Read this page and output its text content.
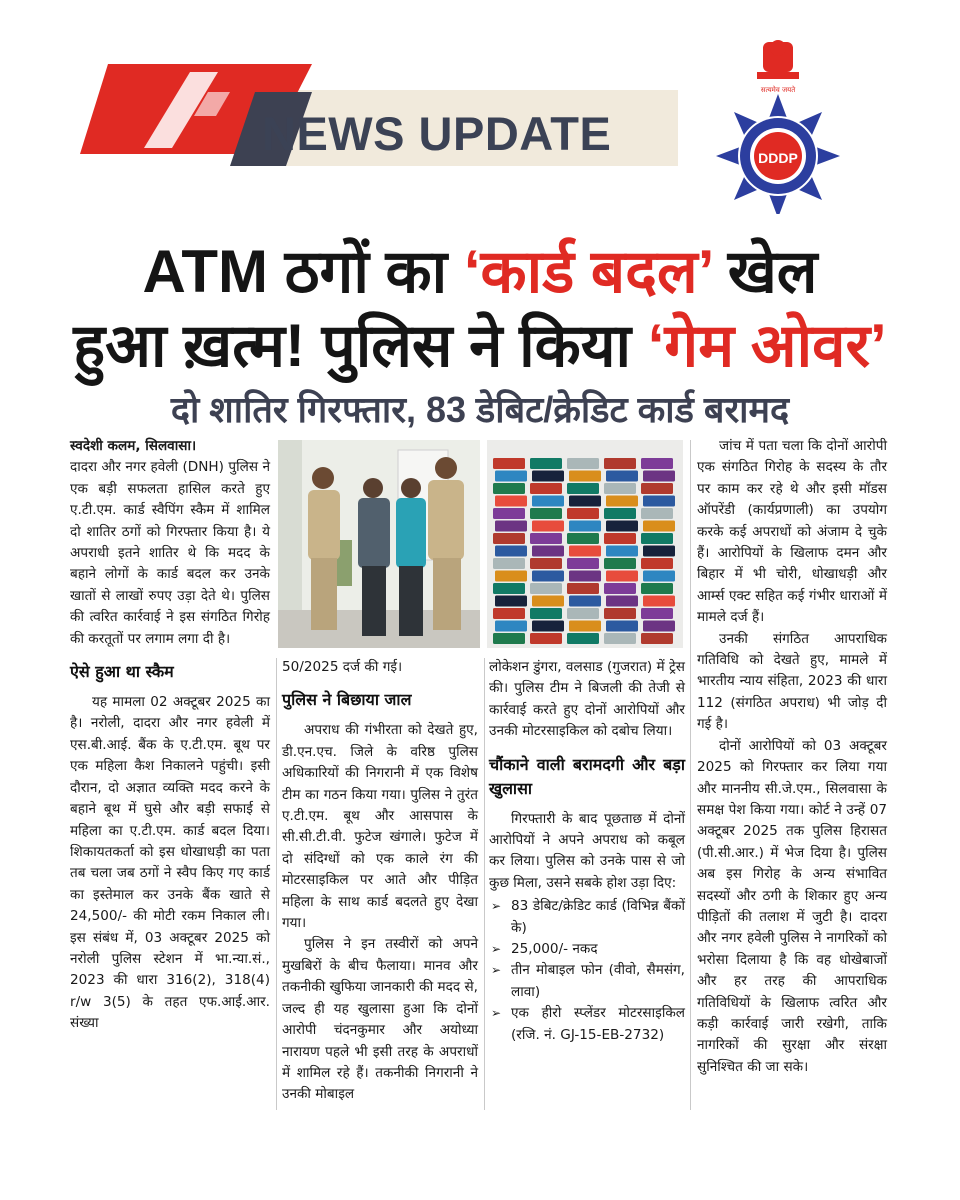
NEWS UPDATE
सत्यमेव जयते
DDDP
ATM ठगों का ‘कार्ड बदल’ खेल
हुआ ख़त्म! पुलिस ने किया ‘गेम ओवर’
दो शातिर गिरफ्तार, 83 डेबिट/क्रेडिट कार्ड बरामद

स्वदेशी कलम, सिलवासा।

दादरा और नगर हवेली (DNH) पुलिस ने एक बड़ी सफलता हासिल करते हुए ए.टी.एम. कार्ड स्वैपिंग स्कैम में शामिल दो शातिर ठगों को गिरफ्तार किया है। ये अपराधी इतने शातिर थे कि मदद के बहाने लोगों के कार्ड बदल कर उनके खातों से लाखों रुपए उड़ा देते थे। पुलिस की त्वरित कार्रवाई ने इस संगठित गिरोह की करतूतों पर लगाम लगा दी है।

ऐसे हुआ था स्कैम

यह मामला 02 अक्टूबर 2025 का है। नरोली, दादरा और नगर हवेली में एस.बी.आई. बैंक के ए.टी.एम. बूथ पर एक महिला कैश निकालने पहुंची। इसी दौरान, दो अज्ञात व्यक्ति मदद करने के बहाने बूथ में घुसे और बड़ी सफाई से महिला का ए.टी.एम. कार्ड बदल दिया। शिकायतकर्ता को इस धोखाधड़ी का पता तब चला जब ठगों ने स्वैप किए गए कार्ड का इस्तेमाल कर उनके बैंक खाते से 24,500/- की मोटी रकम निकाल ली। इस संबंध में, 03 अक्टूबर 2025 को नरोली पुलिस स्टेशन में भा.न्या.सं., 2023 की धारा 316(2), 318(4) r/w 3(5) के तहत एफ.आई.आर. संख्या

50/2025 दर्ज की गई।

पुलिस ने बिछाया जाल

अपराध की गंभीरता को देखते हुए, डी.एन.एच. जिले के वरिष्ठ पुलिस अधिकारियों की निगरानी में एक विशेष टीम का गठन किया गया। पुलिस ने तुरंत ए.टी.एम. बूथ और आसपास के सी.सी.टी.वी. फुटेज खंगाले। फुटेज में दो संदिग्धों को एक काले रंग की मोटरसाइकिल पर आते और पीड़ित महिला के साथ कार्ड बदलते हुए देखा गया।

पुलिस ने इन तस्वीरों को अपने मुखबिरों के बीच फैलाया। मानव और तकनीकी खुफिया जानकारी की मदद से, जल्द ही यह खुलासा हुआ कि दोनों आरोपी चंदनकुमार और अयोध्या नारायण पहले भी इसी तरह के अपराधों में शामिल रहे हैं। तकनीकी निगरानी ने उनकी मोबाइल

लोकेशन डुंगरा, वलसाड (गुजरात) में ट्रेस की। पुलिस टीम ने बिजली की तेजी से कार्रवाई करते हुए दोनों आरोपियों और उनकी मोटरसाइकिल को दबोच लिया।

चौंकाने वाली बरामदगी और बड़ा खुलासा

गिरफ्तारी के बाद पूछताछ में दोनों आरोपियों ने अपने अपराध को कबूल कर लिया। पुलिस को उनके पास से जो कुछ मिला, उसने सबके होश उड़ा दिए:

➢ 83 डेबिट/क्रेडिट कार्ड (विभिन्न बैंकों के)
➢ 25,000/- नकद
➢ तीन मोबाइल फोन (वीवो, सैमसंग, लावा)
➢ एक हीरो स्प्लेंडर मोटरसाइकिल (रजि. नं. GJ-15-EB-2732)

जांच में पता चला कि दोनों आरोपी एक संगठित गिरोह के सदस्य के तौर पर काम कर रहे थे और इसी मॉडस ऑपरेंडी (कार्यप्रणाली) का उपयोग करके कई अपराधों को अंजाम दे चुके हैं। आरोपियों के खिलाफ दमन और बिहार में भी चोरी, धोखाधड़ी और आर्म्स एक्ट सहित कई गंभीर धाराओं में मामले दर्ज हैं।

उनकी संगठित आपराधिक गतिविधि को देखते हुए, मामले में भारतीय न्याय संहिता, 2023 की धारा 112 (संगठित अपराध) भी जोड़ दी गई है।

दोनों आरोपियों को 03 अक्टूबर 2025 को गिरफ्तार कर लिया गया और माननीय सी.जे.एम., सिलवासा के समक्ष पेश किया गया। कोर्ट ने उन्हें 07 अक्टूबर 2025 तक पुलिस हिरासत (पी.सी.आर.) में भेज दिया है। पुलिस अब इस गिरोह के अन्य संभावित सदस्यों और ठगी के शिकार हुए अन्य पीड़ितों की तलाश में जुटी है। दादरा और नगर हवेली पुलिस ने नागरिकों को भरोसा दिलाया है कि वह धोखेबाजों और हर तरह की आपराधिक गतिविधियों के खिलाफ त्वरित और कड़ी कार्रवाई जारी रखेगी, ताकि नागरिकों की सुरक्षा और संरक्षा सुनिश्चित की जा सके।
